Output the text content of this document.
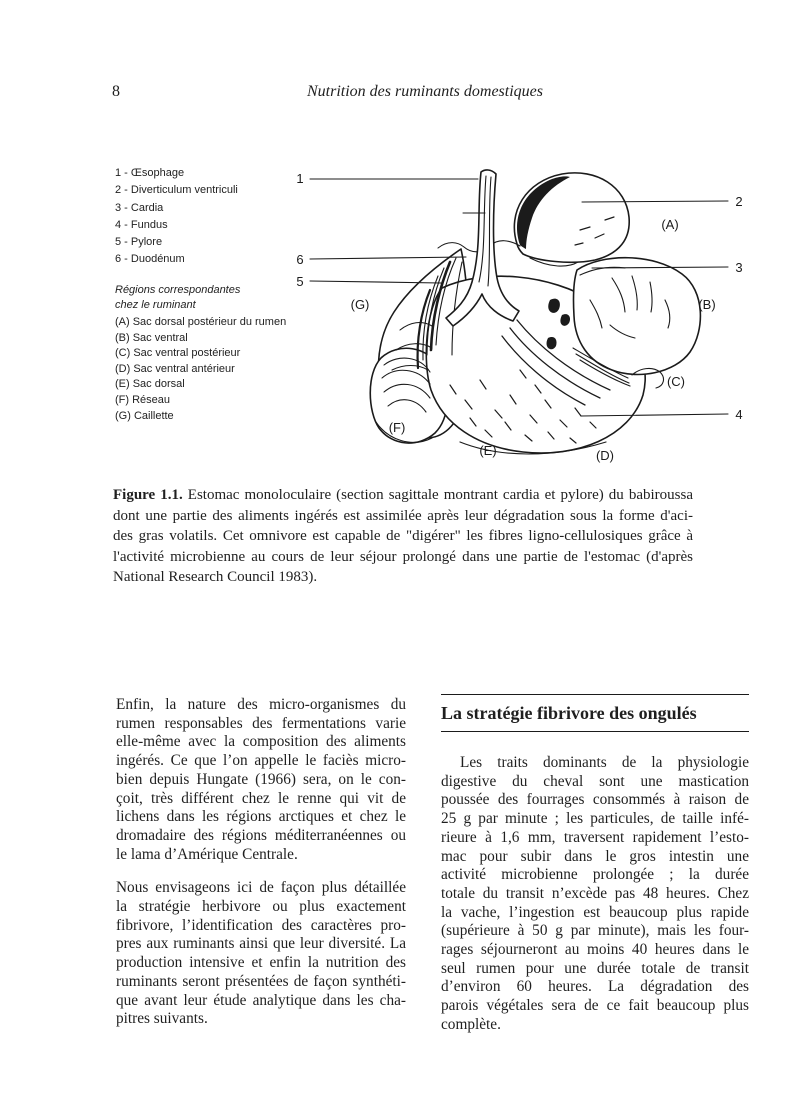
8	Nutrition des ruminants domestiques
1 - Œsophage
2 - Diverticulum ventriculi
3 - Cardia
4 - Fundus
5 - Pylore
6 - Duodénum
Régions correspondantes
chez le ruminant
(A) Sac dorsal postérieur du rumen
(B) Sac ventral
(C) Sac ventral postérieur
(D) Sac ventral antérieur
(E) Sac dorsal
(F) Réseau
(G) Caillette
1
2
3
4
5
6
(A)
(B)
(C)
(D)
(E)
(F)
(G)
Figure 1.1. Estomac monoloculaire (section sagittale montrant cardia et pylore) du babiroussa
dont une partie des aliments ingérés est assimilée après leur dégradation sous la forme d'aci-
des gras volatils. Cet omnivore est capable de "digérer" les fibres ligno-cellulosiques grâce à
l'activité microbienne au cours de leur séjour prolongé dans une partie de l'estomac (d'après
National Research Council 1983).
Enfin, la nature des micro-organismes du
rumen responsables des fermentations varie
elle-même avec la composition des aliments
ingérés. Ce que l’on appelle le faciès micro-
bien depuis Hungate (1966) sera, on le con-
çoit, très différent chez le renne qui vit de
lichens dans les régions arctiques et chez le
dromadaire des régions méditerranéennes ou
le lama d’Amérique Centrale.
Nous envisageons ici de façon plus détaillée
la stratégie herbivore ou plus exactement
fibrivore, l’identification des caractères pro-
pres aux ruminants ainsi que leur diversité. La
production intensive et enfin la nutrition des
ruminants seront présentées de façon synthéti-
que avant leur étude analytique dans les cha-
pitres suivants.
La stratégie fibrivore des ongulés
Les traits dominants de la physiologie
digestive du cheval sont une mastication
poussée des fourrages consommés à raison de
25 g par minute ; les particules, de taille infé-
rieure à 1,6 mm, traversent rapidement l’esto-
mac pour subir dans le gros intestin une
activité microbienne prolongée ; la durée
totale du transit n’excède pas 48 heures. Chez
la vache, l’ingestion est beaucoup plus rapide
(supérieure à 50 g par minute), mais les four-
rages séjourneront au moins 40 heures dans le
seul rumen pour une durée totale de transit
d’environ 60 heures. La dégradation des
parois végétales sera de ce fait beaucoup plus
complète.
